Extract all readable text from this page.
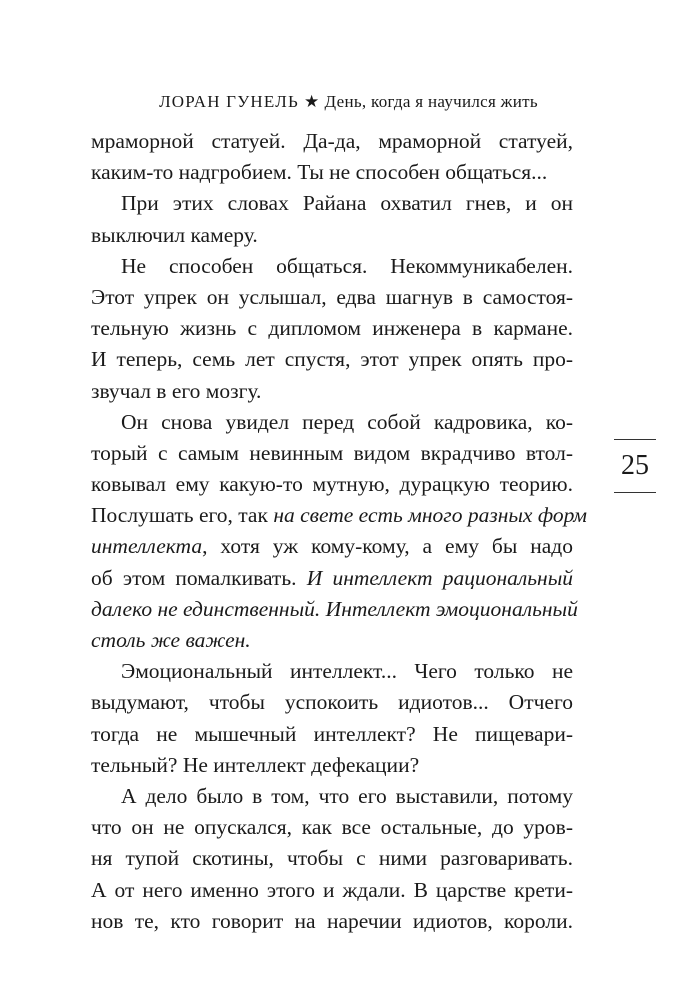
ЛОРАН ГУНЕЛЬ ★ День, когда я научился жить
мраморной статуей. Да-да, мраморной статуей,
каким-то надгробием. Ты не способен общаться...
При этих словах Райана охватил гнев, и он
выключил камеру.
Не способен общаться. Некоммуникабелен.
Этот упрек он услышал, едва шагнув в самостоя-
тельную жизнь с дипломом инженера в кармане.
И теперь, семь лет спустя, этот упрек опять про-
звучал в его мозгу.
Он снова увидел перед собой кадровика, ко-
торый с самым невинным видом вкрадчиво втол-
ковывал ему какую-то мутную, дурацкую теорию.
Послушать его, так на свете есть много разных форм
интеллекта, хотя уж кому-кому, а ему бы надо
об этом помалкивать. И интеллект рациональный
далеко не единственный. Интеллект эмоциональный
столь же важен.
Эмоциональный интеллект... Чего только не
выдумают, чтобы успокоить идиотов... Отчего
тогда не мышечный интеллект? Не пищевари-
тельный? Не интеллект дефекации?
А дело было в том, что его выставили, потому
что он не опускался, как все остальные, до уров-
ня тупой скотины, чтобы с ними разговаривать.
А от него именно этого и ждали. В царстве крети-
нов те, кто говорит на наречии идиотов, короли.
25
